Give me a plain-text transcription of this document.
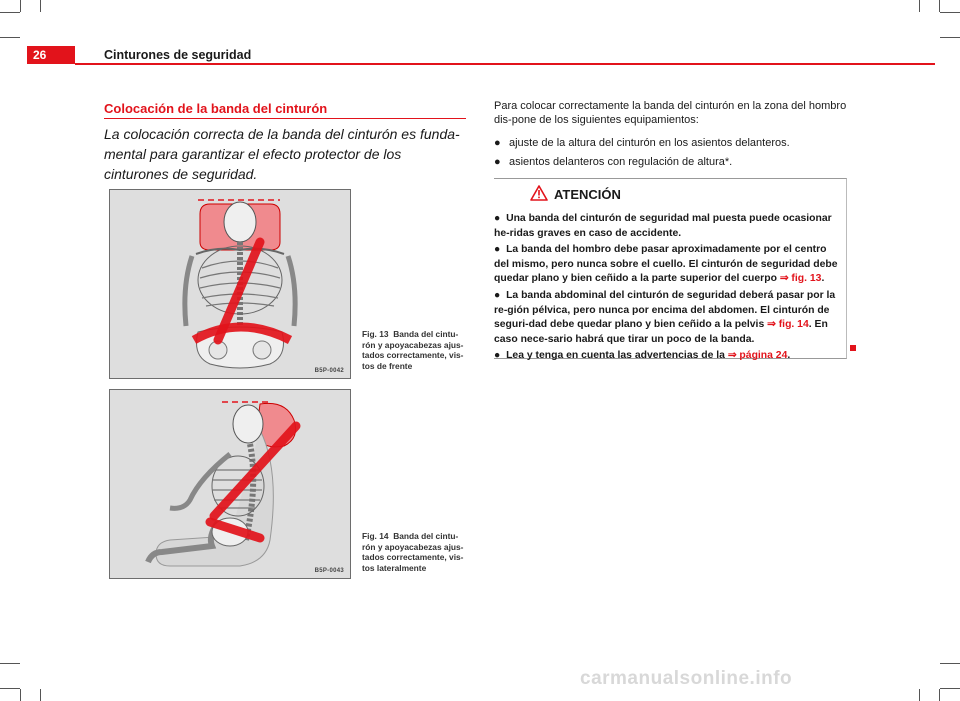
26	Cinturones de seguridad
Colocación de la banda del cinturón
La colocación correcta de la banda del cinturón es funda-mental para garantizar el efecto protector de los cinturones de seguridad.
B5P-0042
Fig. 13 Banda del cintu-rón y apoyacabezas ajus-tados correctamente, vis-tos de frente
B5P-0043
Fig. 14 Banda del cintu-rón y apoyacabezas ajus-tados correctamente, vis-tos lateralmente
Para colocar correctamente la banda del cinturón en la zona del hombro dis-pone de los siguientes equipamientos:
● ajuste de la altura del cinturón en los asientos delanteros.
● asientos delanteros con regulación de altura*.
ATENCIÓN
●  Una banda del cinturón de seguridad mal puesta puede ocasionar he-ridas graves en caso de accidente.
●  La banda del hombro debe pasar aproximadamente por el centro del mismo, pero nunca sobre el cuello. El cinturón de seguridad debe quedar plano y bien ceñido a la parte superior del cuerpo ⇒ fig. 13.
●  La banda abdominal del cinturón de seguridad deberá pasar por la re-gión pélvica, pero nunca por encima del abdomen. El cinturón de seguri-dad debe quedar plano y bien ceñido a la pelvis ⇒ fig. 14. En caso nece-sario habrá que tirar un poco de la banda.
●  Lea y tenga en cuenta las advertencias de la ⇒ página 24.
carmanualsonline.info
